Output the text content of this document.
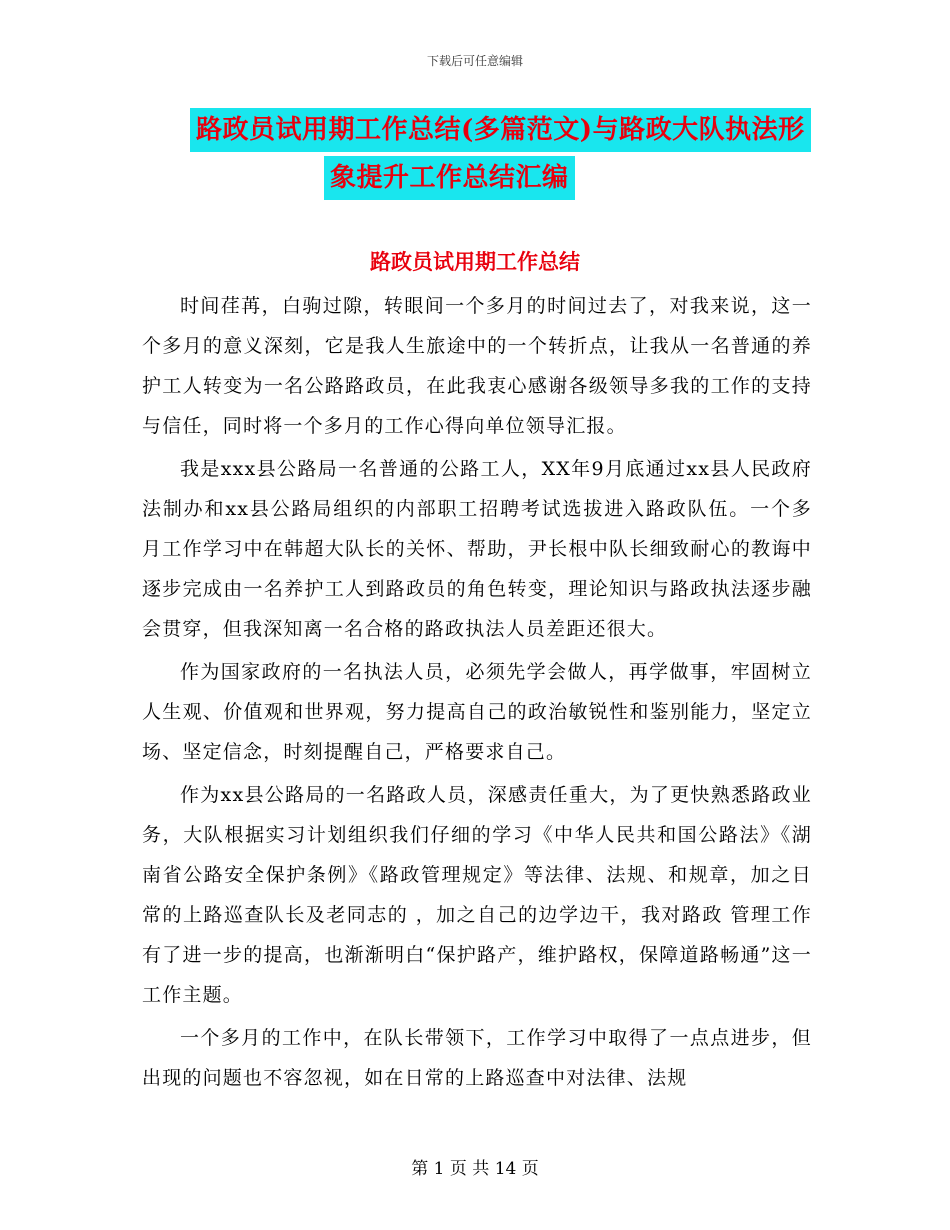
下载后可任意编辑
路政员试用期工作总结(多篇范文)与路政大队执法形
象提升工作总结汇编
路政员试用期工作总结

时间荏苒，白驹过隙，转眼间一个多月的时间过去了，对我来说，这一个多月的意义深刻，它是我人生旅途中的一个转折点，让我从一名普通的养护工人转变为一名公路路政员，在此我衷心感谢各级领导多我的工作的支持与信任，同时将一个多月的工作心得向单位领导汇报。

我是xxx县公路局一名普通的公路工人，XX年9月底通过xx县人民政府法制办和xx县公路局组织的内部职工招聘考试选拔进入路政队伍。一个多月工作学习中在韩超大队长的关怀、帮助，尹长根中队长细致耐心的教诲中逐步完成由一名养护工人到路政员的角色转变，理论知识与路政执法逐步融会贯穿，但我深知离一名合格的路政执法人员差距还很大。

作为国家政府的一名执法人员，必须先学会做人，再学做事，牢固树立人生观、价值观和世界观，努力提高自己的政治敏锐性和鉴别能力，坚定立场、坚定信念，时刻提醒自己，严格要求自己。

作为xx县公路局的一名路政人员，深感责任重大，为了更快熟悉路政业务，大队根据实习计划组织我们仔细的学习《中华人民共和国公路法》《湖南省公路安全保护条例》《路政管理规定》等法律、法规、和规章，加之日常的上路巡查队长及老同志的 ，加之自己的边学边干，我对路政 管理工作有了进一步的提高，也渐渐明白“保护路产，维护路权，保障道路畅通”这一工作主题。

一个多月的工作中，在队长带领下，工作学习中取得了一点点进步，但出现的问题也不容忽视，如在日常的上路巡查中对法律、法规

第 1 页 共 14 页
